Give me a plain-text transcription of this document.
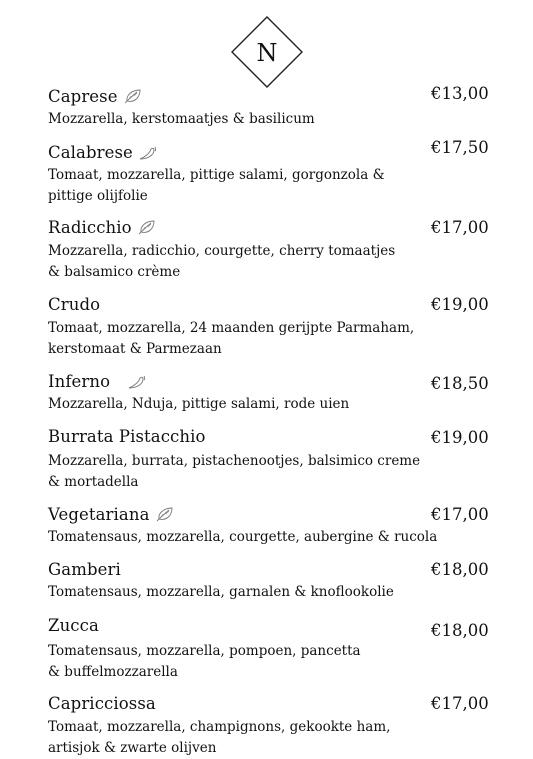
N
Caprese	€13,00
Mozzarella, kerstomaatjes & basilicum
Calabrese	€17,50
Tomaat, mozzarella, pittige salami, gorgonzola &
pittige olijfolie
Radicchio	€17,00
Mozzarella, radicchio, courgette, cherry tomaatjes
& balsamico crème
Crudo	€19,00
Tomaat, mozzarella, 24 maanden gerijpte Parmaham,
kerstomaat & Parmezaan
Inferno	€18,50
Mozzarella, Nduja, pittige salami, rode uien
Burrata Pistacchio	€19,00
Mozzarella, burrata, pistachenootjes, balsimico creme
& mortadella
Vegetariana	€17,00
Tomatensaus, mozzarella, courgette, aubergine & rucola
Gamberi	€18,00
Tomatensaus, mozzarella, garnalen & knoflookolie
Zucca	€18,00
Tomatensaus, mozzarella, pompoen, pancetta
& buffelmozzarella
Capricciossa	€17,00
Tomaat, mozzarella, champignons, gekookte ham,
artisjok & zwarte olijven
